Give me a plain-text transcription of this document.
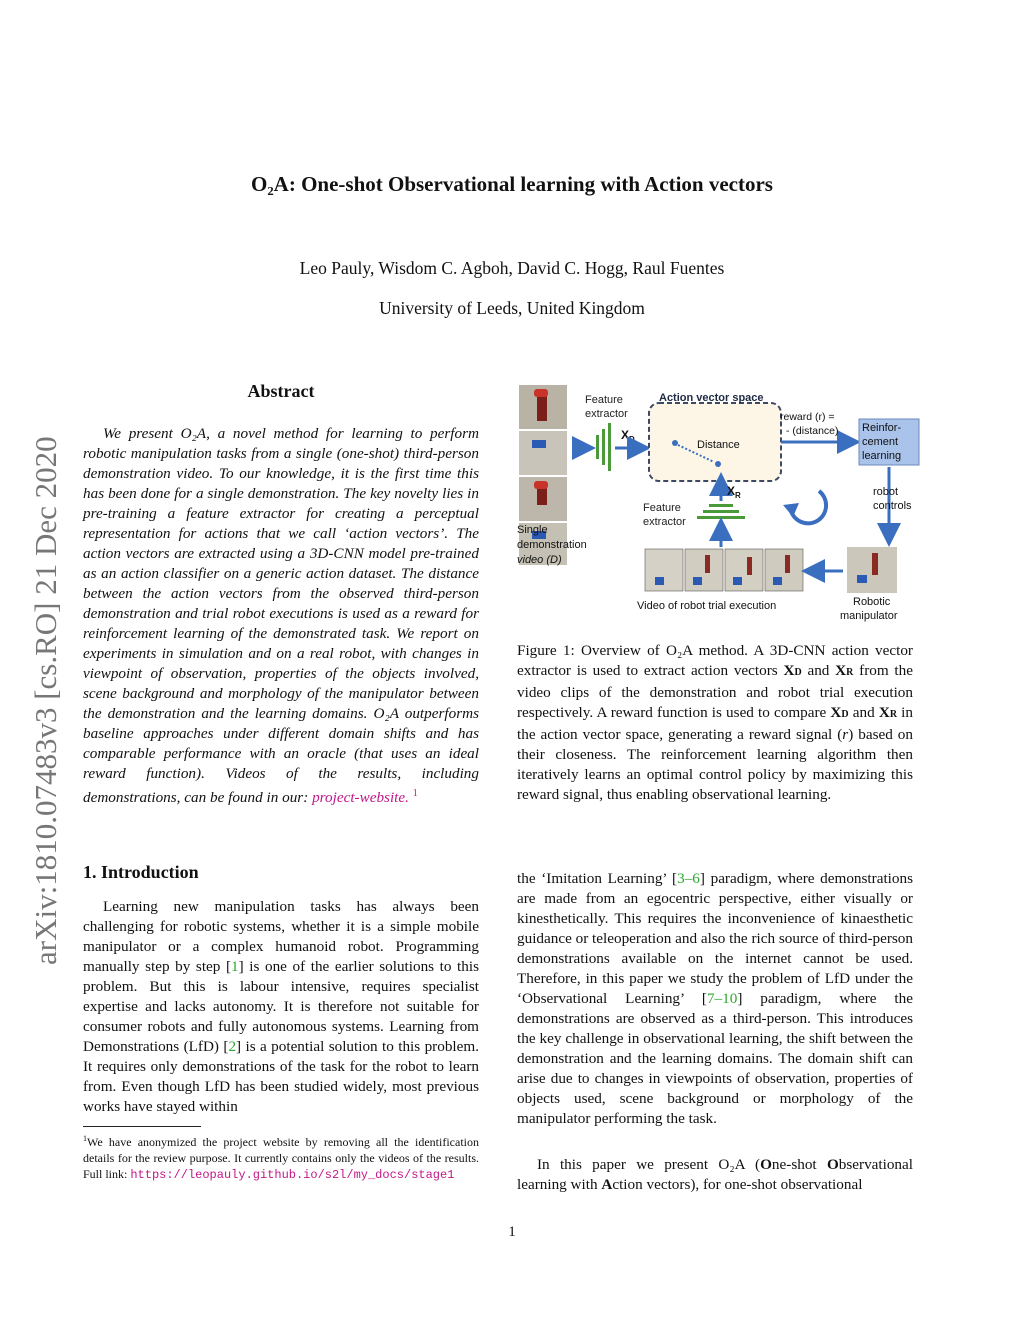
O₂A: One-shot Observational learning with Action vectors
Leo Pauly, Wisdom C. Agboh, David C. Hogg, Raul Fuentes
University of Leeds, United Kingdom
arXiv:1810.07483v3 [cs.RO] 21 Dec 2020
Abstract
We present O₂A, a novel method for learning to perform robotic manipulation tasks from a single (one-shot) third-person demonstration video. To our knowledge, it is the first time this has been done for a single demonstration. The key novelty lies in pre-training a feature extractor for creating a perceptual representation for actions that we call ‘action vectors’. The action vectors are extracted using a 3D-CNN model pre-trained as an action classifier on a generic action dataset. The distance between the action vectors from the observed third-person demonstration and trial robot executions is used as a reward for reinforcement learning of the demonstrated task. We report on experiments in simulation and on a real robot, with changes in viewpoint of observation, properties of the objects involved, scene background and morphology of the manipulator between the demonstration and the learning domains. O₂A outperforms baseline approaches under different domain shifts and has comparable performance with an oracle (that uses an ideal reward function). Videos of the results, including demonstrations, can be found in our: project-website. $^1$
1. Introduction
Learning new manipulation tasks has always been challenging for robotic systems, whether it is a simple mobile manipulator or a complex humanoid robot. Programming manually step by step [1] is one of the earlier solutions to this problem. But this is labour intensive, requires specialist expertise and lacks autonomy. It is therefore not suitable for consumer robots and fully autonomous systems. Learning from Demonstrations (LfD) [2] is a potential solution to this problem. It requires only demonstrations of the task for the robot to learn from. Even though LfD has been studied widely, most previous works have stayed within
$^1$We have anonymized the project website by removing all the identification details for the review purpose. It currently contains only the videos of the results. Full link: https://leopauly.github.io/s2l/my_docs/stage1
Feature
extractor
$X_D$
Action vector space
Distance
reward (r) =
- (distance) Reinfor-
cement
learning
robot
controls
$X_R$
Feature
extractor
Single
demonstration
video (D)
Video of robot trial execution	Robotic
manipulator
Figure 1: Overview of O₂A method. A 3D-CNN action vector extractor is used to extract action vectors XD and XR from the video clips of the demonstration and robot trial execution respectively. A reward function is used to compare XD and XR in the action vector space, generating a reward signal (r) based on their closeness. The reinforcement learning algorithm then iteratively learns an optimal control policy by maximizing this reward signal, thus enabling observational learning.
the ‘Imitation Learning’ [3–6] paradigm, where demonstrations are made from an egocentric perspective, either visually or kinesthetically. This requires the inconvenience of kinaesthetic guidance or teleoperation and also the rich source of third-person demonstrations available on the internet cannot be used. Therefore, in this paper we study the problem of LfD under the ‘Observational Learning’ [7–10] paradigm, where the demonstrations are observed as a third-person. This introduces the key challenge in observational learning, the shift between the demonstration and the learning domains. The domain shift can arise due to changes in viewpoints of observation, properties of objects used, scene background or morphology of the manipulator performing the task.
In this paper we present O₂A (One-shot Observational learning with Action vectors), for one-shot observational
1
